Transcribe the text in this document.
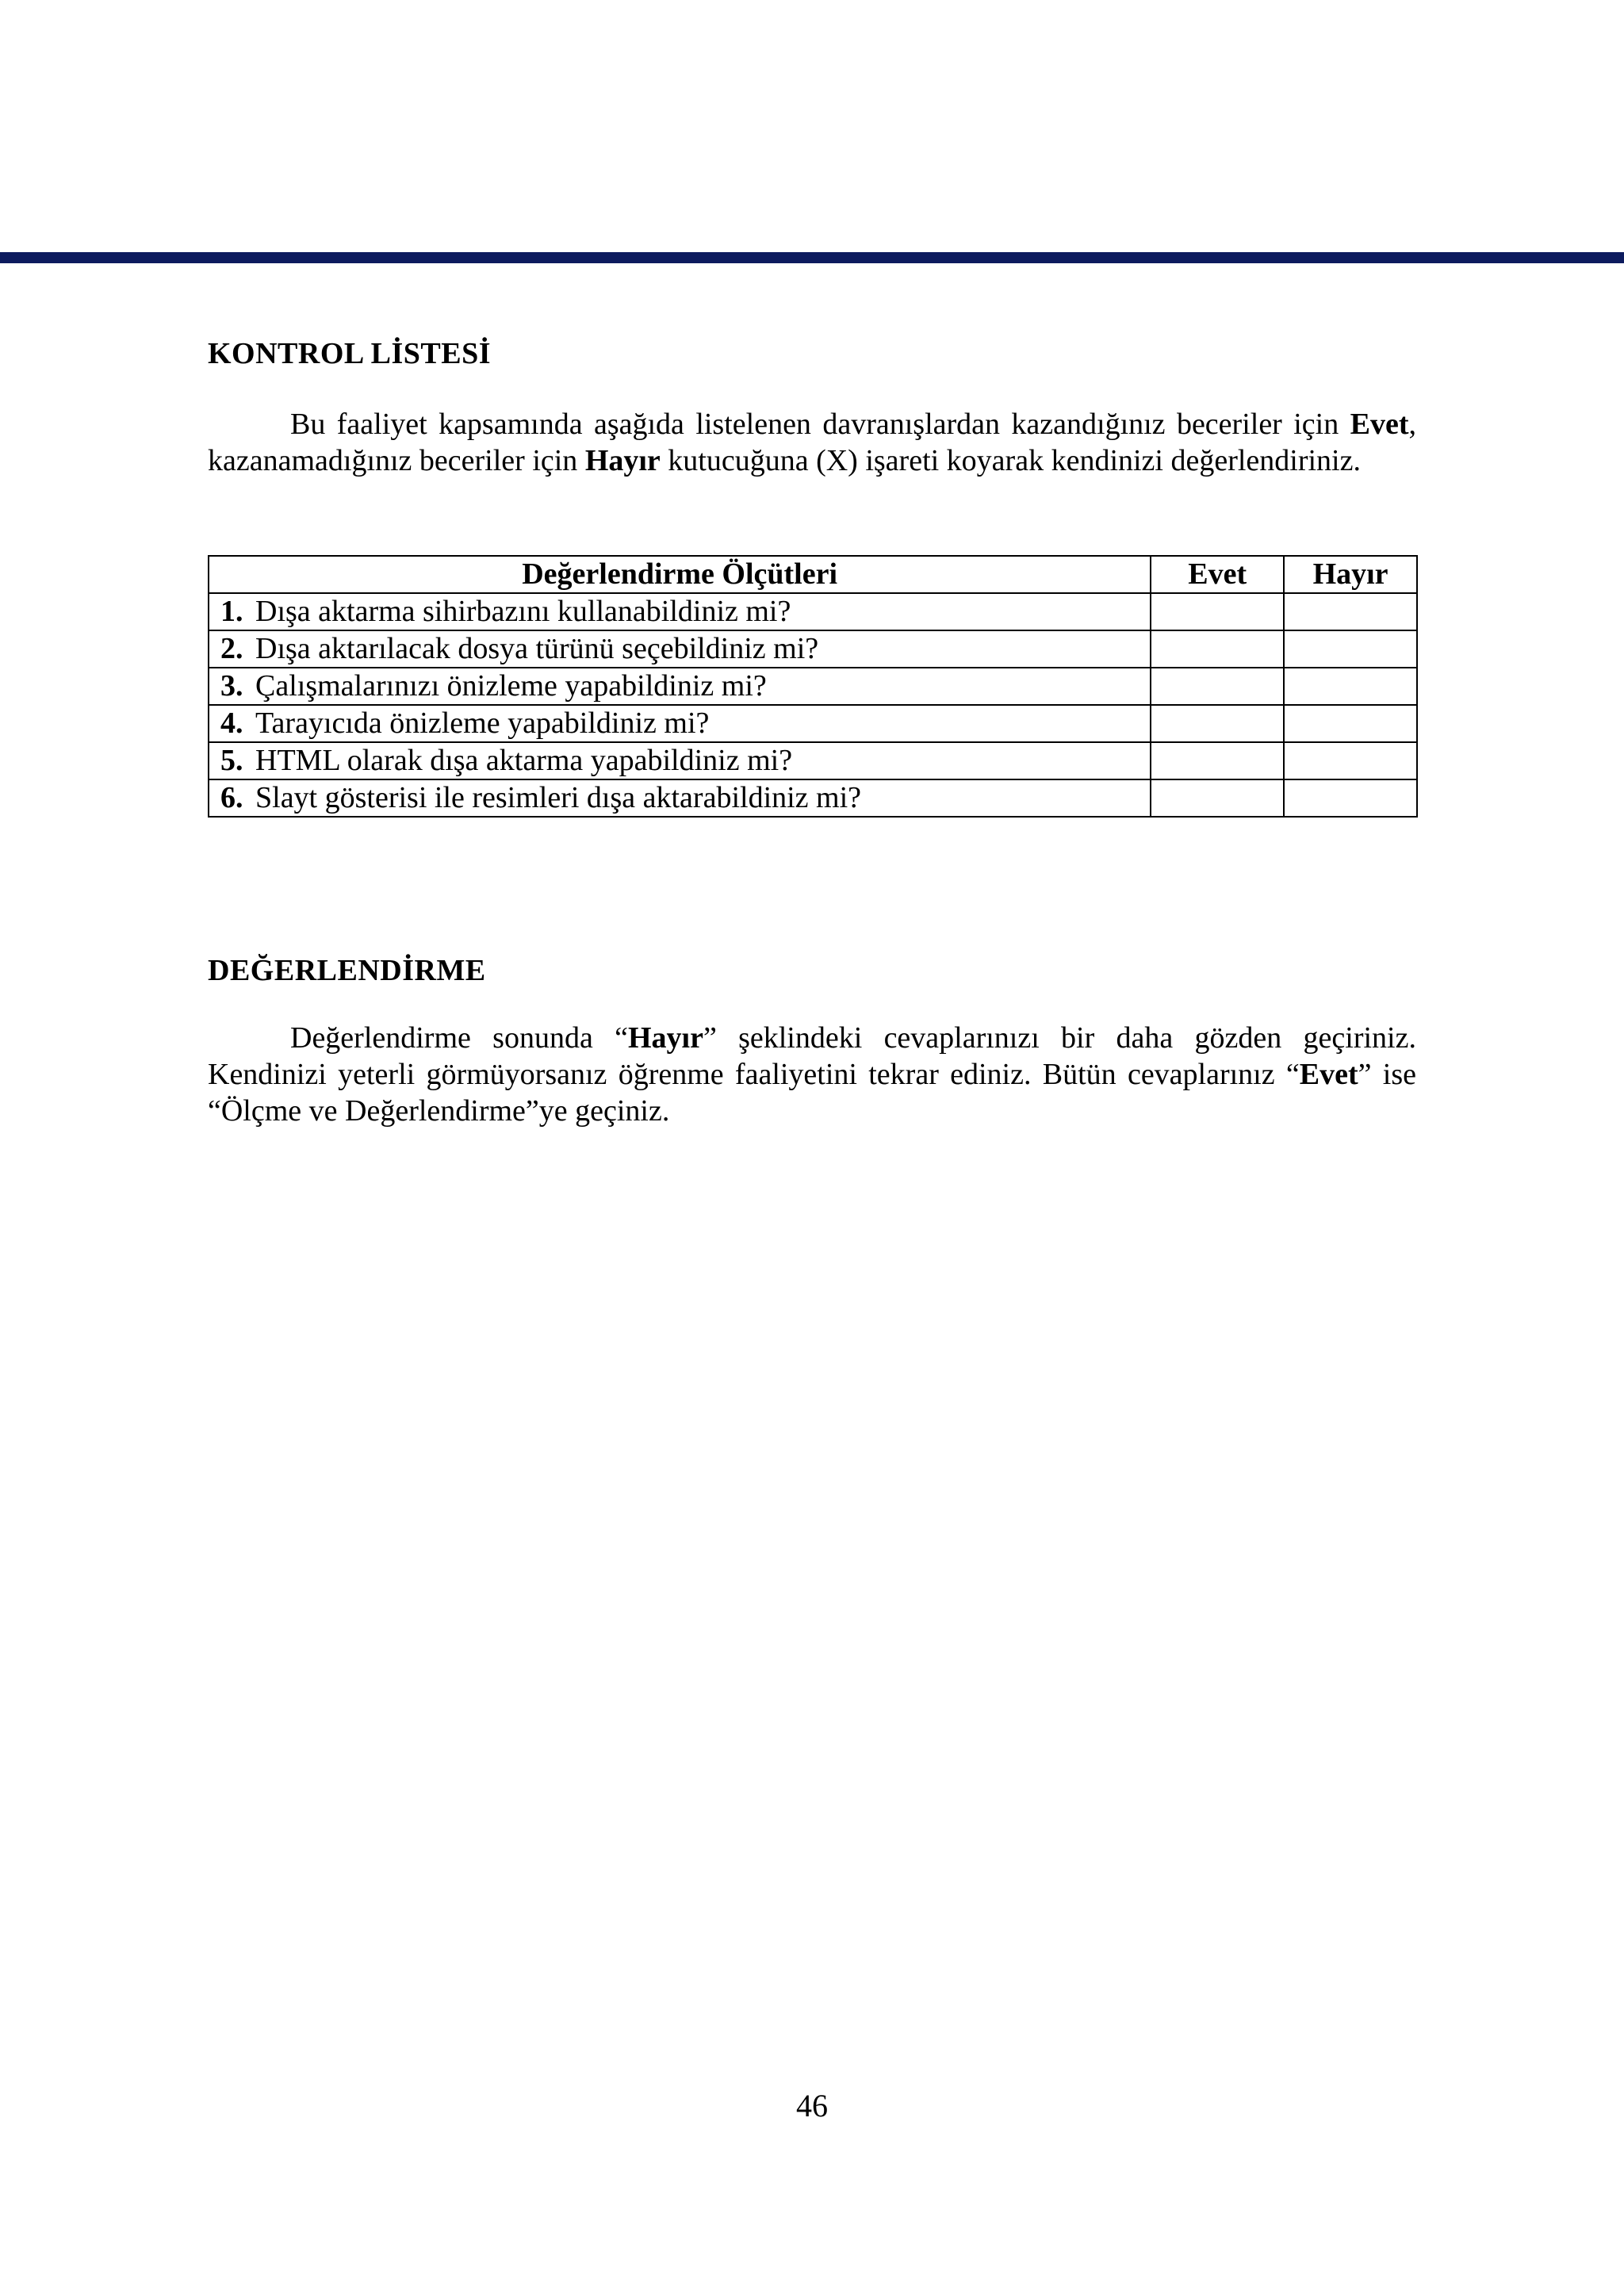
KONTROL LİSTESİ
Bu faaliyet kapsamında aşağıda listelenen davranışlardan kazandığınız beceriler için Evet, kazanamadığınız beceriler için Hayır kutucuğuna (X) işareti koyarak kendinizi değerlendiriniz.
Değerlendirme Ölçütleri	Evet	Hayır
1. Dışa aktarma sihirbazını kullanabildiniz mi?		
2. Dışa aktarılacak dosya türünü seçebildiniz mi?		
3. Çalışmalarınızı önizleme yapabildiniz mi?		
4. Tarayıcıda önizleme yapabildiniz mi?		
5. HTML olarak dışa aktarma yapabildiniz mi?		
6. Slayt gösterisi ile resimleri dışa aktarabildiniz mi?		
DEĞERLENDİRME
Değerlendirme sonunda “Hayır” şeklindeki cevaplarınızı bir daha gözden geçiriniz. Kendinizi yeterli görmüyorsanız öğrenme faaliyetini tekrar ediniz. Bütün cevaplarınız “Evet” ise “Ölçme ve Değerlendirme”ye geçiniz.
46
